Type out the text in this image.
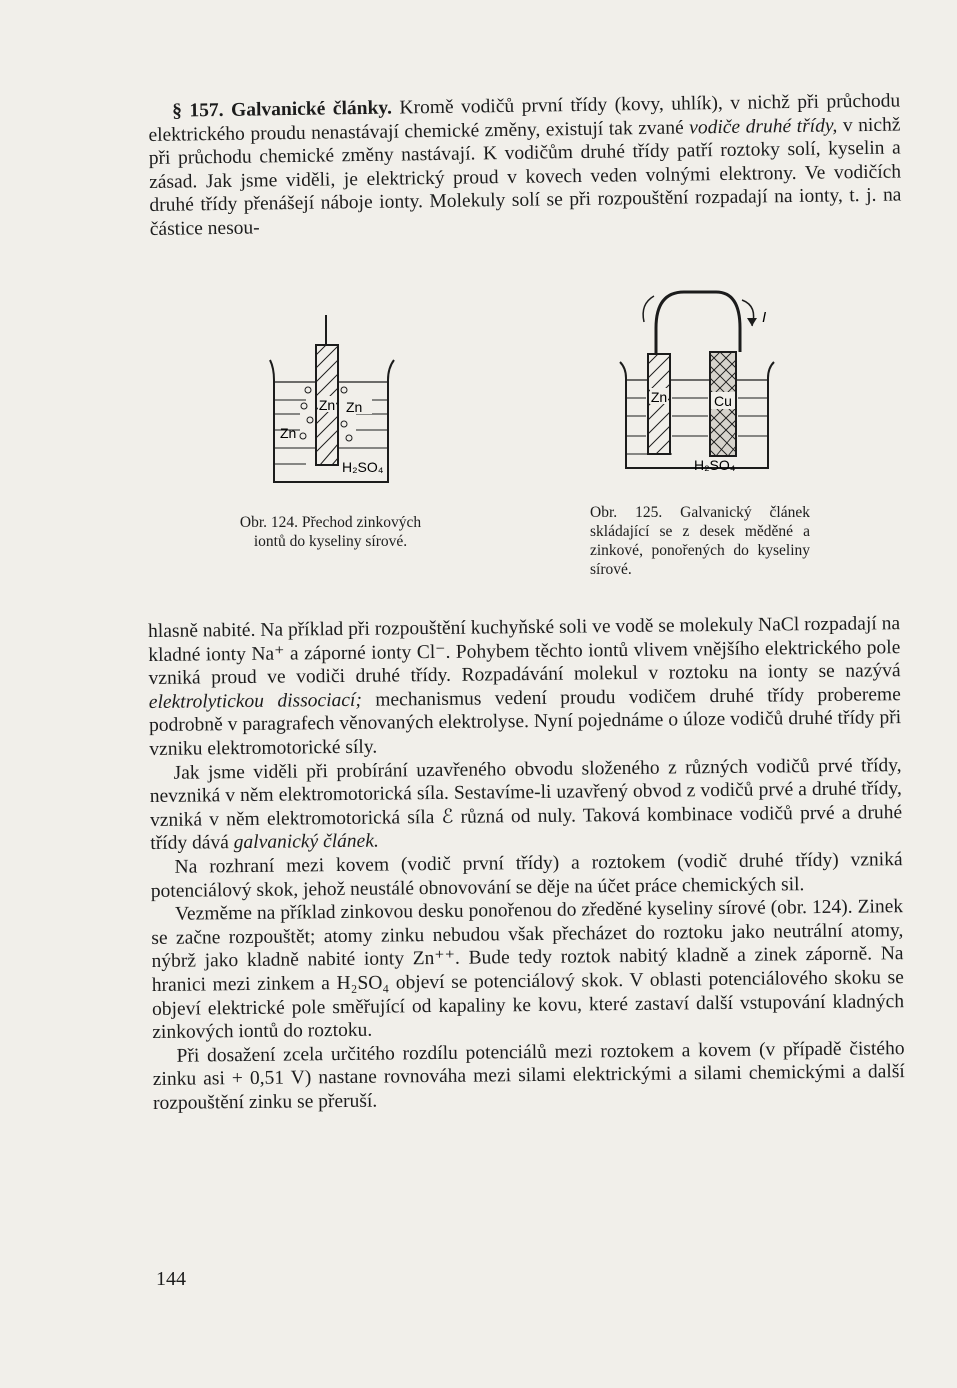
§ 157. Galvanické články. Kromě vodičů první třídy (kovy, uhlík), v nichž při průchodu elektrického proudu nenastávají chemické změny, existují tak zvané vodiče druhé třídy, v nichž při průchodu chemické změny nastávají. K vodičům druhé třídy patří roztoky solí, kyselin a zásad. Jak jsme viděli, je elektrický proud v kovech veden volnými elektrony. Ve vodičích druhé třídy přenášejí náboje ionty. Molekuly solí se při rozpouštění rozpadají na ionty, t. j. na částice nesou-

Zn
Zn
Zn
H₂SO₄
Obr. 124. Přechod zinkových iontů do kyseliny sírové.
I
Zn	Cu
H₂SO₄
Obr. 125. Galvanický článek skládající se z desek měděné a zinkové, ponořených do kyseliny sírové.

hlasně nabité. Na příklad při rozpouštění kuchyňské soli ve vodě se molekuly NaCl rozpadají na kladné ionty Na⁺ a záporné ionty Cl⁻. Pohybem těchto iontů vlivem vnějšího elektrického pole vzniká proud ve vodiči druhé třídy. Rozpadávání molekul v roztoku na ionty se nazývá elektrolytickou dissociací; mechanismus vedení proudu vodičem druhé třídy probereme podrobně v paragrafech věnovaných elektrolyse. Nyní pojednáme o úloze vodičů druhé třídy při vzniku elektromotorické síly.

Jak jsme viděli při probírání uzavřeného obvodu složeného z různých vodičů prvé třídy, nevzniká v něm elektromotorická síla. Sestavíme-li uzavřený obvod z vodičů prvé a druhé třídy, vzniká v něm elektromotorická síla ℰ různá od nuly. Taková kombinace vodičů prvé a druhé třídy dává galvanický článek.

Na rozhraní mezi kovem (vodič první třídy) a roztokem (vodič druhé třídy) vzniká potenciálový skok, jehož neustálé obnovování se děje na účet práce chemických sil.

Vezměme na příklad zinkovou desku ponořenou do zředěné kyseliny sírové (obr. 124). Zinek se začne rozpouštět; atomy zinku nebudou však přecházet do roztoku jako neutrální atomy, nýbrž jako kladně nabité ionty Zn⁺⁺. Bude tedy roztok nabitý kladně a zinek záporně. Na hranici mezi zinkem a H₂SO₄ objeví se potenciálový skok. V oblasti potenciálového skoku se objeví elektrické pole směřující od kapaliny ke kovu, které zastaví další vstupování kladných zinkových iontů do roztoku.

Při dosažení zcela určitého rozdílu potenciálů mezi roztokem a kovem (v případě čistého zinku asi + 0,51 V) nastane rovnováha mezi silami elektrickými a silami chemickými a další rozpouštění zinku se přeruší.

144
